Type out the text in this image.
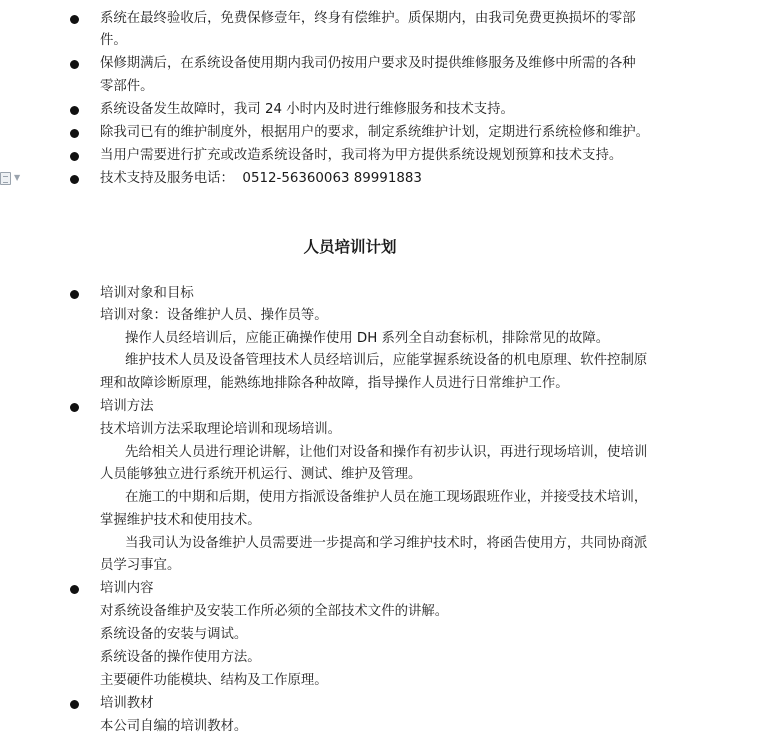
▼
系统在最终验收后，免费保修壹年，终身有偿维护。质保期内，由我司免费更换损坏的零部
件。
保修期满后，在系统设备使用期内我司仍按用户要求及时提供维修服务及维修中所需的各种
零部件。
系统设备发生故障时，我司 24 小时内及时进行维修服务和技术支持。
除我司已有的维护制度外，根据用户的要求，制定系统维护计划，定期进行系统检修和维护。
当用户需要进行扩充或改造系统设备时，我司将为甲方提供系统设规划预算和技术支持。
技术支持及服务电话：  0512-56360063 89991883
人员培训计划
培训对象和目标
培训对象：设备维护人员、操作员等。
操作人员经培训后，应能正确操作使用 DH 系列全自动套标机，排除常见的故障。
维护技术人员及设备管理技术人员经培训后，应能掌握系统设备的机电原理、软件控制原
理和故障诊断原理，能熟练地排除各种故障，指导操作人员进行日常维护工作。
培训方法
技术培训方法采取理论培训和现场培训。
先给相关人员进行理论讲解，让他们对设备和操作有初步认识，再进行现场培训，使培训
人员能够独立进行系统开机运行、测试、维护及管理。
在施工的中期和后期，使用方指派设备维护人员在施工现场跟班作业，并接受技术培训，
掌握维护技术和使用技术。
当我司认为设备维护人员需要进一步提高和学习维护技术时，将函告使用方，共同协商派
员学习事宜。
培训内容
对系统设备维护及安装工作所必须的全部技术文件的讲解。
系统设备的安装与调试。
系统设备的操作使用方法。
主要硬件功能模块、结构及工作原理。
培训教材
本公司自编的培训教材。
